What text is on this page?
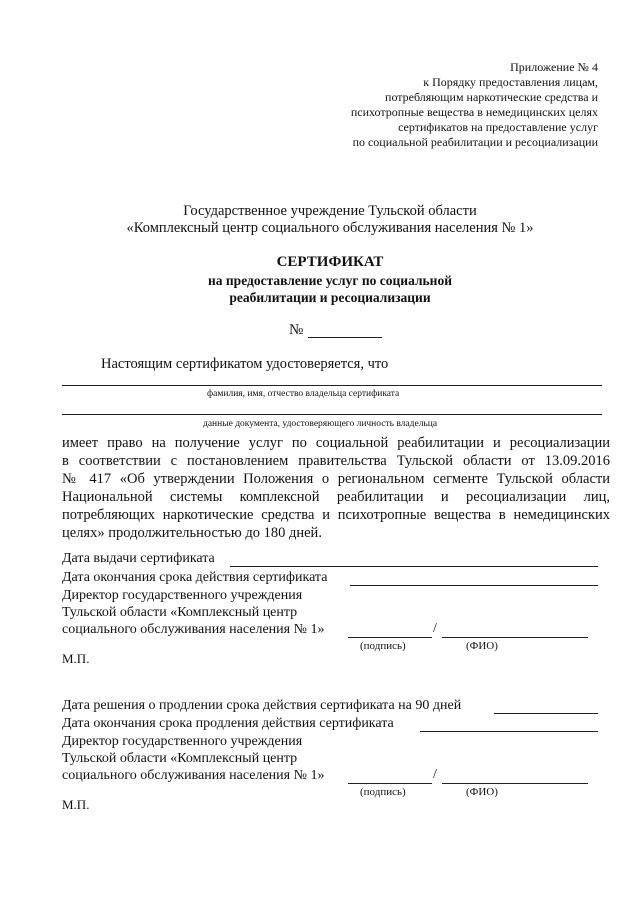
Приложение № 4
к Порядку предоставления лицам,
потребляющим наркотические средства и
психотропные вещества в немедицинских целях
сертификатов на предоставление услуг
по социальной реабилитации и ресоциализации
Государственное учреждение Тульской области
«Комплексный центр социального обслуживания населения № 1»
СЕРТИФИКАТ
на предоставление услуг по социальной
реабилитации и ресоциализации
№
Настоящим сертификатом удостоверяется, что
фамилия, имя, отчество владельца сертификата
данные документа, удостоверяющего личность владельца
имеет право на получение услуг по социальной реабилитации и ресоциализации
в соответствии с постановлением правительства Тульской области от 13.09.2016
№ 417 «Об утверждении Положения о региональном сегменте Тульской области
Национальной системы комплексной реабилитации и ресоциализации лиц,
потребляющих наркотические средства и психотропные вещества в немедицинских
целях» продолжительностью до 180 дней.
Дата выдачи сертификата
Дата окончания срока действия сертификата
Директор государственного учреждения
Тульской области «Комплексный центр
социального обслуживания населения № 1»	/
(подпись)	(ФИО)
М.П.
Дата решения о продлении срока действия сертификата на 90 дней
Дата окончания срока продления действия сертификата
Директор государственного учреждения
Тульской области «Комплексный центр
социального обслуживания населения № 1»	/
(подпись)	(ФИО)
М.П.
